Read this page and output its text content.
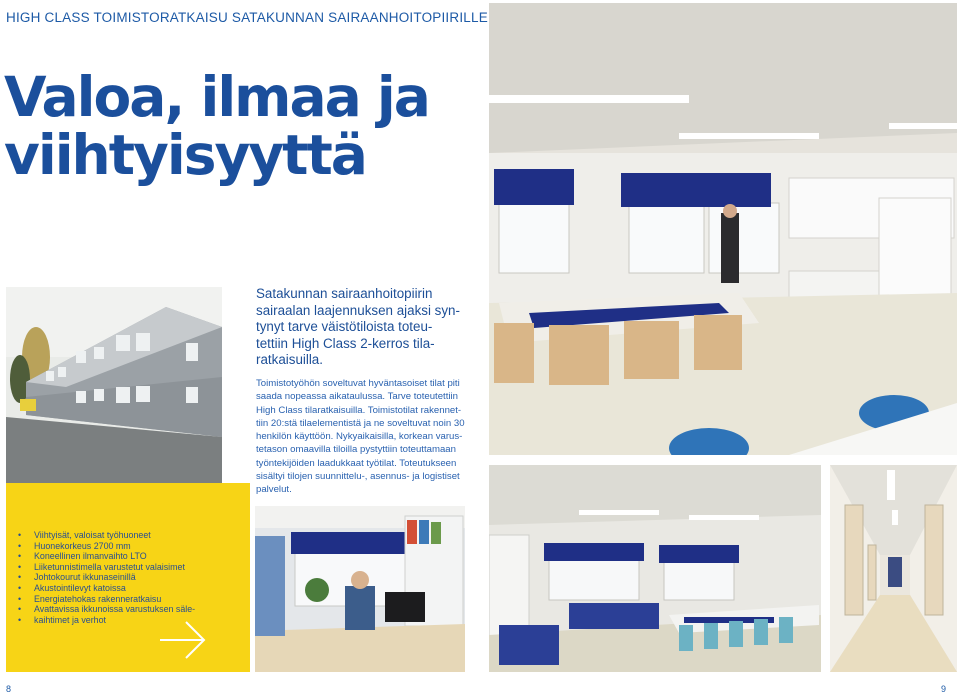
HIGH CLASS TOIMISTORATKAISU SATAKUNNAN SAIRAANHOITOPIIRILLE
Valoa, ilmaa ja
viihtyisyyttä
Satakunnan sairaanhoitopiirin
sairaalan laajennuksen ajaksi syn-
tynyt tarve väistötiloista toteu-
tettiin High Class 2-kerros tila-
ratkaisuilla.
Toimistotyöhön soveltuvat hyväntasoiset tilat piti
saada nopeassa aikataulussa. Tarve toteutettiin
High Class tilaratkaisuilla. Toimistotilat rakennet-
tiin 20:stä tilaelementistä ja ne soveltuvat noin 30
henkilön käyttöön. Nykyaikaisilla, korkean varus-
tetason omaavilla tiloilla pystyttiin toteuttamaan
työntekijöiden laadukkaat työtilat. Toteutukseen
sisältyi tilojen suunnittelu-, asennus- ja logistiset
palvelut.
• Viihtyisät, valoisat työhuoneet
• Huonekorkeus 2700 mm
• Koneellinen ilmanvaihto LTO
• Liiketunnistimella varustetut valaisimet
• Johtokourut ikkunaseinillä
• Akustointilevyt katoissa
• Energiatehokas rakenneratkaisu
• Avattavissa ikkunoissa varustuksen säle-
• kaihtimet ja verhot
8	9
